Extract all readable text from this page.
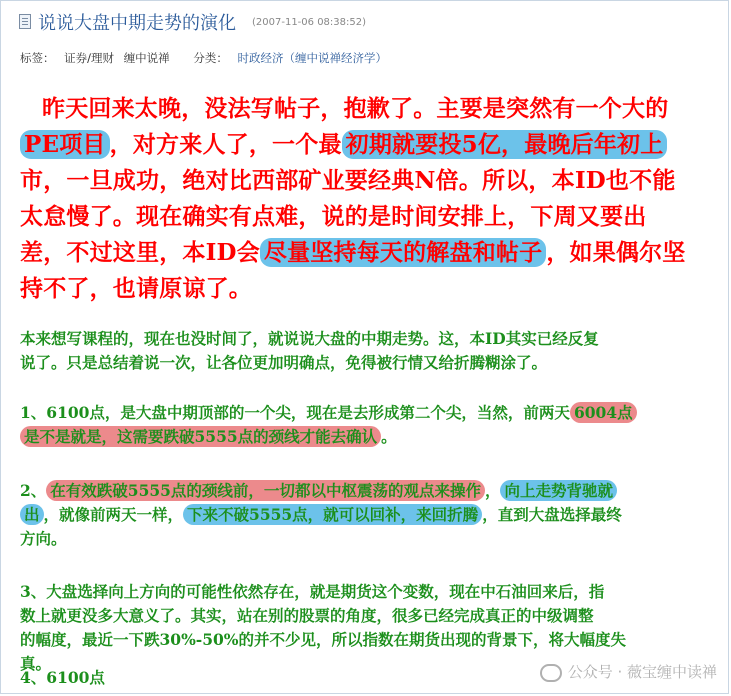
说说大盘中期走势的演化 (2007-11-06 08:38:52)
标签： 证券/理财 缠中说禅 分类： 时政经济（缠中说禅经济学）
昨天回来太晚，没法写帖子，抱歉了。主要是突然有一个大的
PE项目 ，对方来人了，一个最 初期就要投5亿，最晚后年初上
市，一旦成功，绝对比西部矿业要经典N倍。所以，本ID也不能
太怠慢了。现在确实有点难，说的是时间安排上，下周又要出
差，不过这里，本ID会 尽量坚持每天的解盘和帖子 ，如果偶尔坚
持不了，也请原谅了。
本来想写课程的，现在也没时间了，就说说大盘的中期走势。这，本ID其实已经反复
说了。只是总结着说一次，让各位更加明确点，免得被行情又给折腾糊涂了。
1、6100点，是大盘中期顶部的一个尖，现在是去形成第二个尖，当然，前两天 6004点
是不是就是，这需要跌破5555点的颈线才能去确认 。
2、 在有效跌破5555点的颈线前，一切都以中枢震荡的观点来操作 ， 向上走势背驰就
出 ，就像前两天一样， 下来不破5555点，就可以回补，来回折腾 ，直到大盘选择最终
方向。
3、大盘选择向上方向的可能性依然存在，就是期货这个变数，现在中石油回来后，指
数上就更没多大意义了。其实，站在别的股票的角度，很多已经完成真正的中级调整
的幅度，最近一下跌30%-50%的并不少见，所以指数在期货出现的背景下，将大幅度失
真。
4、6100点	公众号 · 薇宝缠中读禅
